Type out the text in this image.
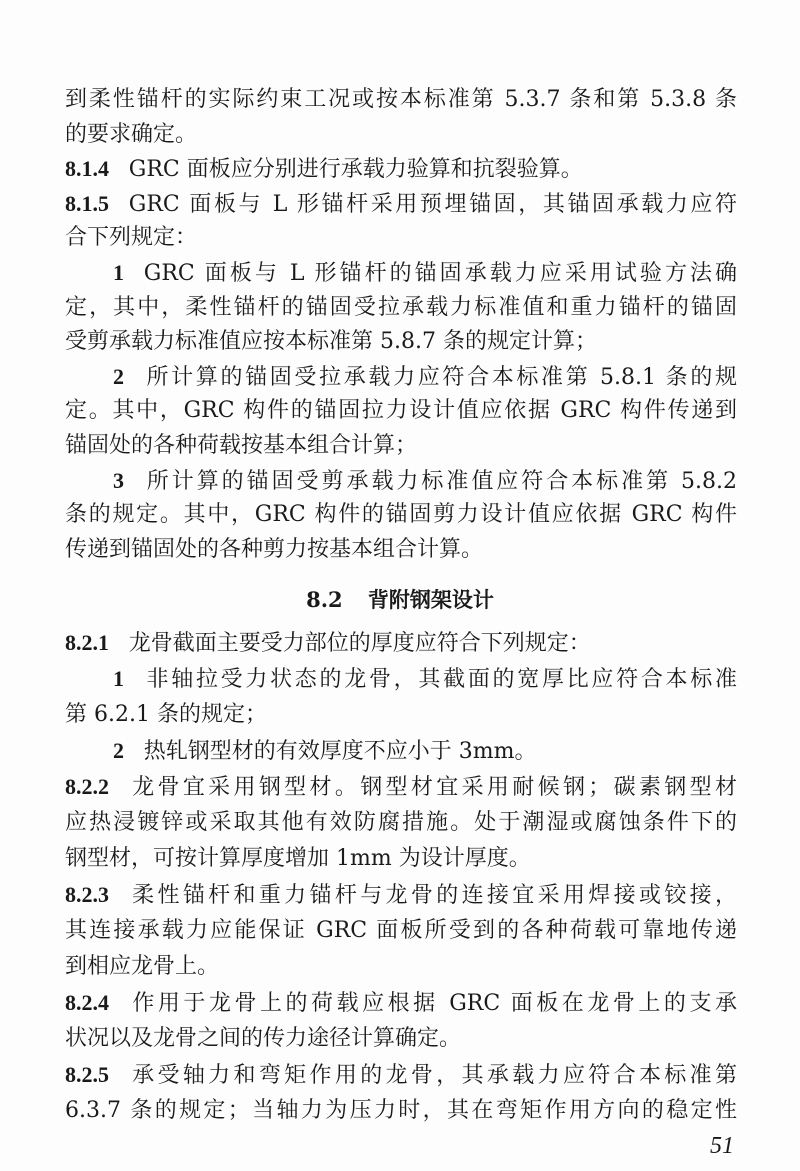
到柔性锚杆的实际约束工况或按本标准第 5.3.7 条和第 5.3.8 条
的要求确定。
8.1.4 GRC 面板应分别进行承载力验算和抗裂验算。
8.1.5 GRC 面板与 L 形锚杆采用预埋锚固，其锚固承载力应符
合下列规定：
1 GRC 面板与 L 形锚杆的锚固承载力应采用试验方法确
定，其中，柔性锚杆的锚固受拉承载力标准值和重力锚杆的锚固
受剪承载力标准值应按本标准第 5.8.7 条的规定计算；
2 所计算的锚固受拉承载力应符合本标准第 5.8.1 条的规
定。其中，GRC 构件的锚固拉力设计值应依据 GRC 构件传递到
锚固处的各种荷载按基本组合计算；
3 所计算的锚固受剪承载力标准值应符合本标准第 5.8.2
条的规定。其中，GRC 构件的锚固剪力设计值应依据 GRC 构件
传递到锚固处的各种剪力按基本组合计算。
8.2 背附钢架设计
8.2.1 龙骨截面主要受力部位的厚度应符合下列规定：
1 非轴拉受力状态的龙骨，其截面的宽厚比应符合本标准
第 6.2.1 条的规定；
2 热轧钢型材的有效厚度不应小于 3mm。
8.2.2 龙骨宜采用钢型材。钢型材宜采用耐候钢；碳素钢型材
应热浸镀锌或采取其他有效防腐措施。处于潮湿或腐蚀条件下的
钢型材，可按计算厚度增加 1mm 为设计厚度。
8.2.3 柔性锚杆和重力锚杆与龙骨的连接宜采用焊接或铰接，
其连接承载力应能保证 GRC 面板所受到的各种荷载可靠地传递
到相应龙骨上。
8.2.4 作用于龙骨上的荷载应根据 GRC 面板在龙骨上的支承
状况以及龙骨之间的传力途径计算确定。
8.2.5 承受轴力和弯矩作用的龙骨，其承载力应符合本标准第
6.3.7 条的规定；当轴力为压力时，其在弯矩作用方向的稳定性
51
